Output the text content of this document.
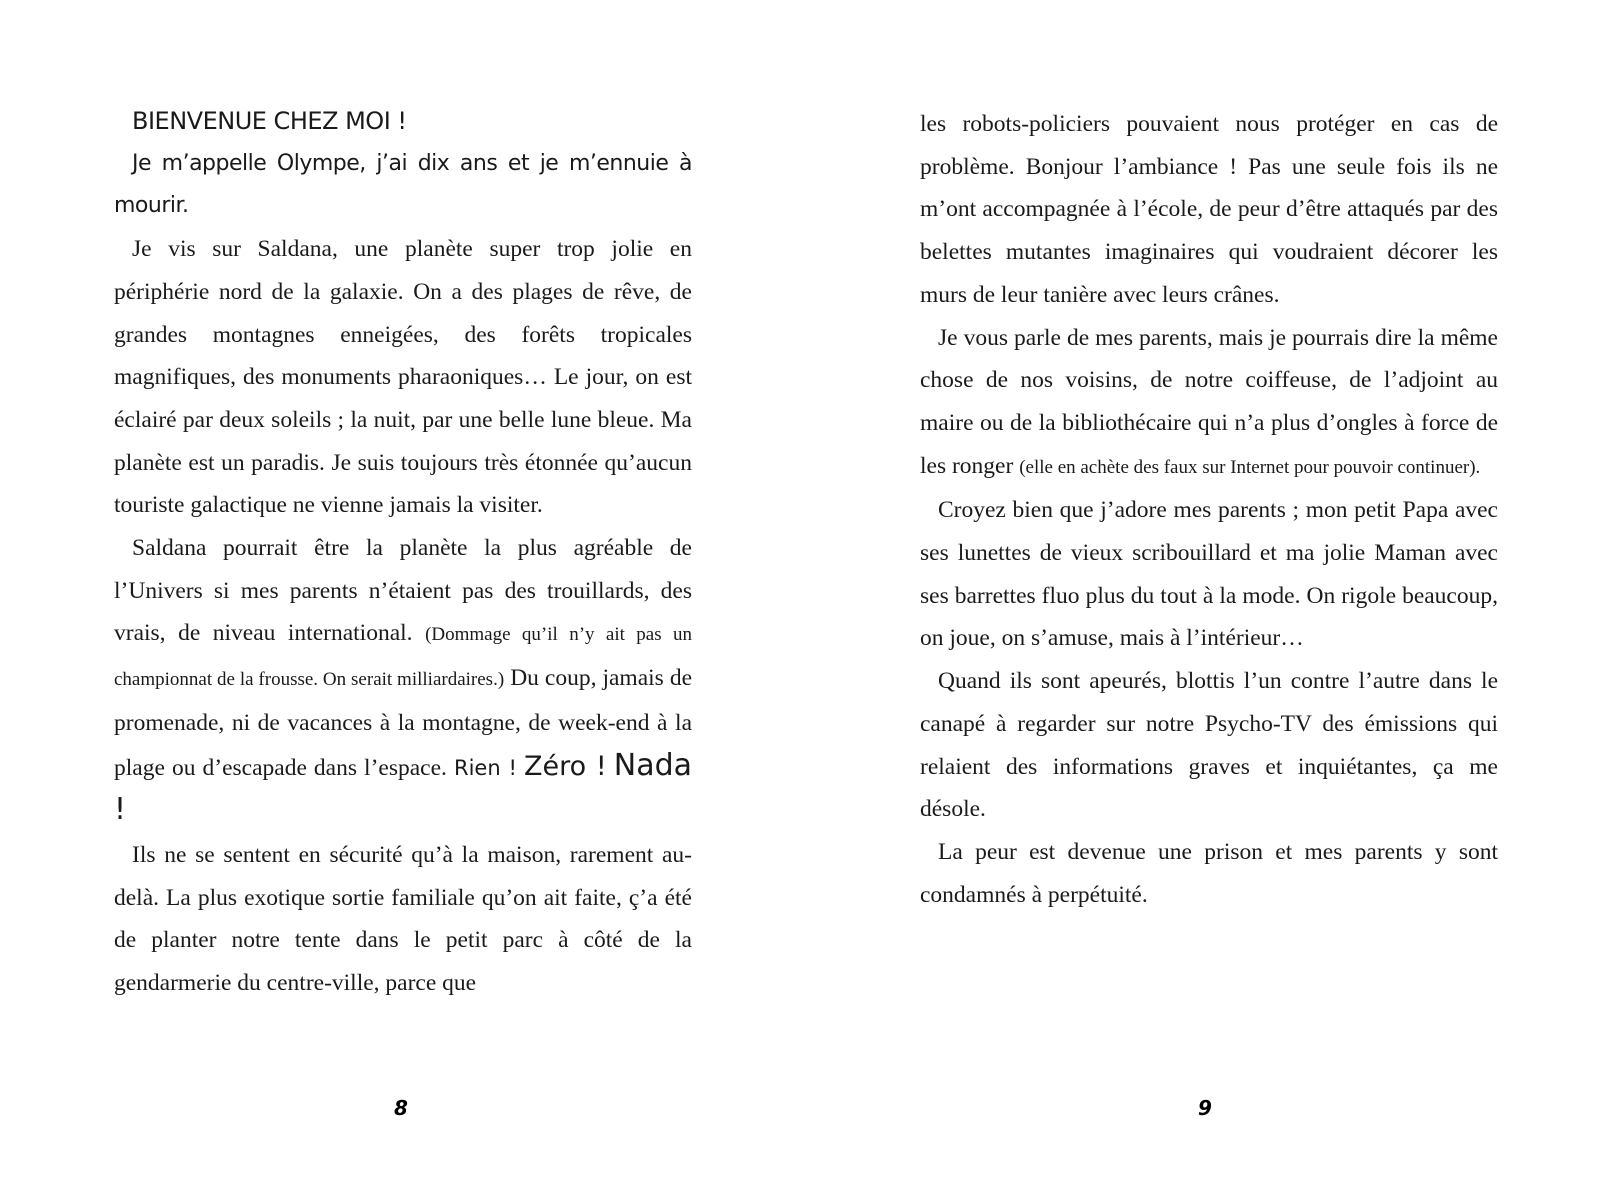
BIENVENUE CHEZ MOI !

Je m’appelle Olympe, j’ai dix ans et je m’ennuie à mourir.

Je vis sur Saldana, une planète super trop jolie en périphérie nord de la galaxie. On a des plages de rêve, de grandes montagnes enneigées, des forêts tropicales magnifiques, des monuments pharaoniques… Le jour, on est éclairé par deux soleils ; la nuit, par une belle lune bleue. Ma planète est un paradis. Je suis toujours très étonnée qu’aucun touriste galactique ne vienne jamais la visiter.

Saldana pourrait être la planète la plus agréable de l’Univers si mes parents n’étaient pas des trouillards, des vrais, de niveau international. (Dommage qu’il n’y ait pas un championnat de la frousse. On serait milliardaires.) Du coup, jamais de promenade, ni de vacances à la montagne, de week-end à la plage ou d’escapade dans l’espace. Rien ! Zéro ! Nada !

Ils ne se sentent en sécurité qu’à la maison, rarement au-delà. La plus exotique sortie familiale qu’on ait faite, ç’a été de planter notre tente dans le petit parc à côté de la gendarmerie du centre-ville, parce que

8

les robots-policiers pouvaient nous protéger en cas de problème. Bonjour l’ambiance ! Pas une seule fois ils ne m’ont accompagnée à l’école, de peur d’être attaqués par des belettes mutantes imaginaires qui voudraient décorer les murs de leur tanière avec leurs crânes.

Je vous parle de mes parents, mais je pourrais dire la même chose de nos voisins, de notre coiffeuse, de l’adjoint au maire ou de la bibliothécaire qui n’a plus d’ongles à force de les ronger (elle en achète des faux sur Internet pour pouvoir continuer).

Croyez bien que j’adore mes parents ; mon petit Papa avec ses lunettes de vieux scribouillard et ma jolie Maman avec ses barrettes fluo plus du tout à la mode. On rigole beaucoup, on joue, on s’amuse, mais à l’intérieur…

Quand ils sont apeurés, blottis l’un contre l’autre dans le canapé à regarder sur notre Psycho-TV des émissions qui relaient des informations graves et inquiétantes, ça me désole.

La peur est devenue une prison et mes parents y sont condamnés à perpétuité.

9
